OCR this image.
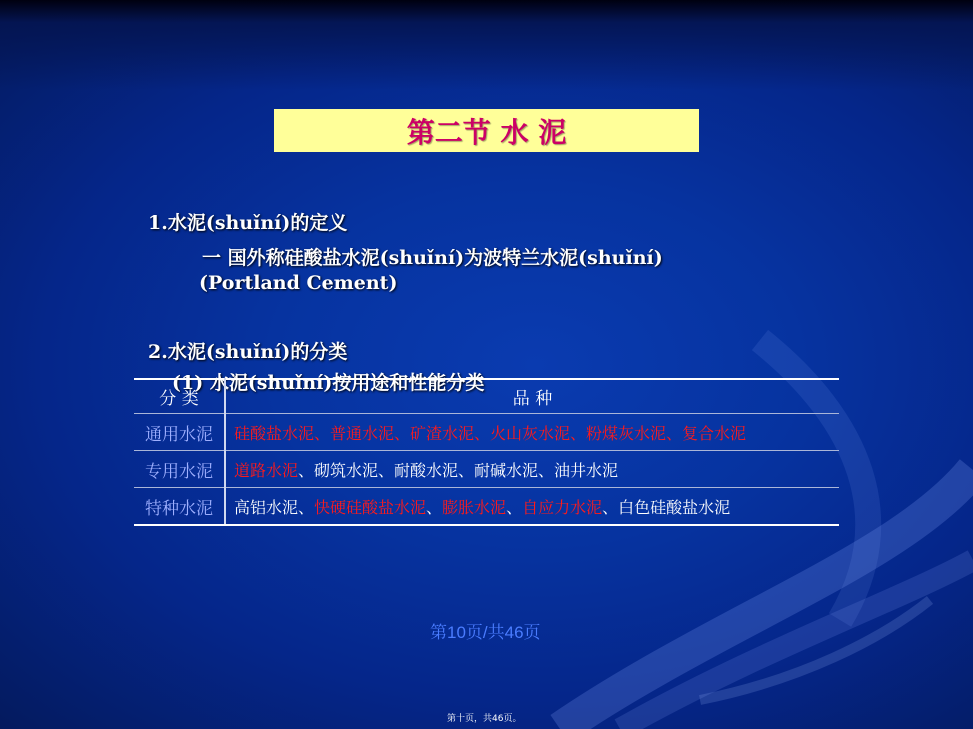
第二节 水 泥
1.水泥(shuǐní)的定义
一 国外称硅酸盐水泥(shuǐní)为波特兰水泥(shuǐní)
(Portland Cement)
2.水泥(shuǐní)的分类
(1) 水泥(shuǐní)按用途和性能分类
分 类	品 种
通用水泥	硅酸盐水泥、普通水泥、矿渣水泥、火山灰水泥、粉煤灰水泥、复合水泥
专用水泥	道路水泥、砌筑水泥、耐酸水泥、耐碱水泥、油井水泥
特种水泥	高铝水泥、快硬硅酸盐水泥、膨胀水泥、自应力水泥、白色硅酸盐水泥
第10页/共46页
第十页，共46页。
